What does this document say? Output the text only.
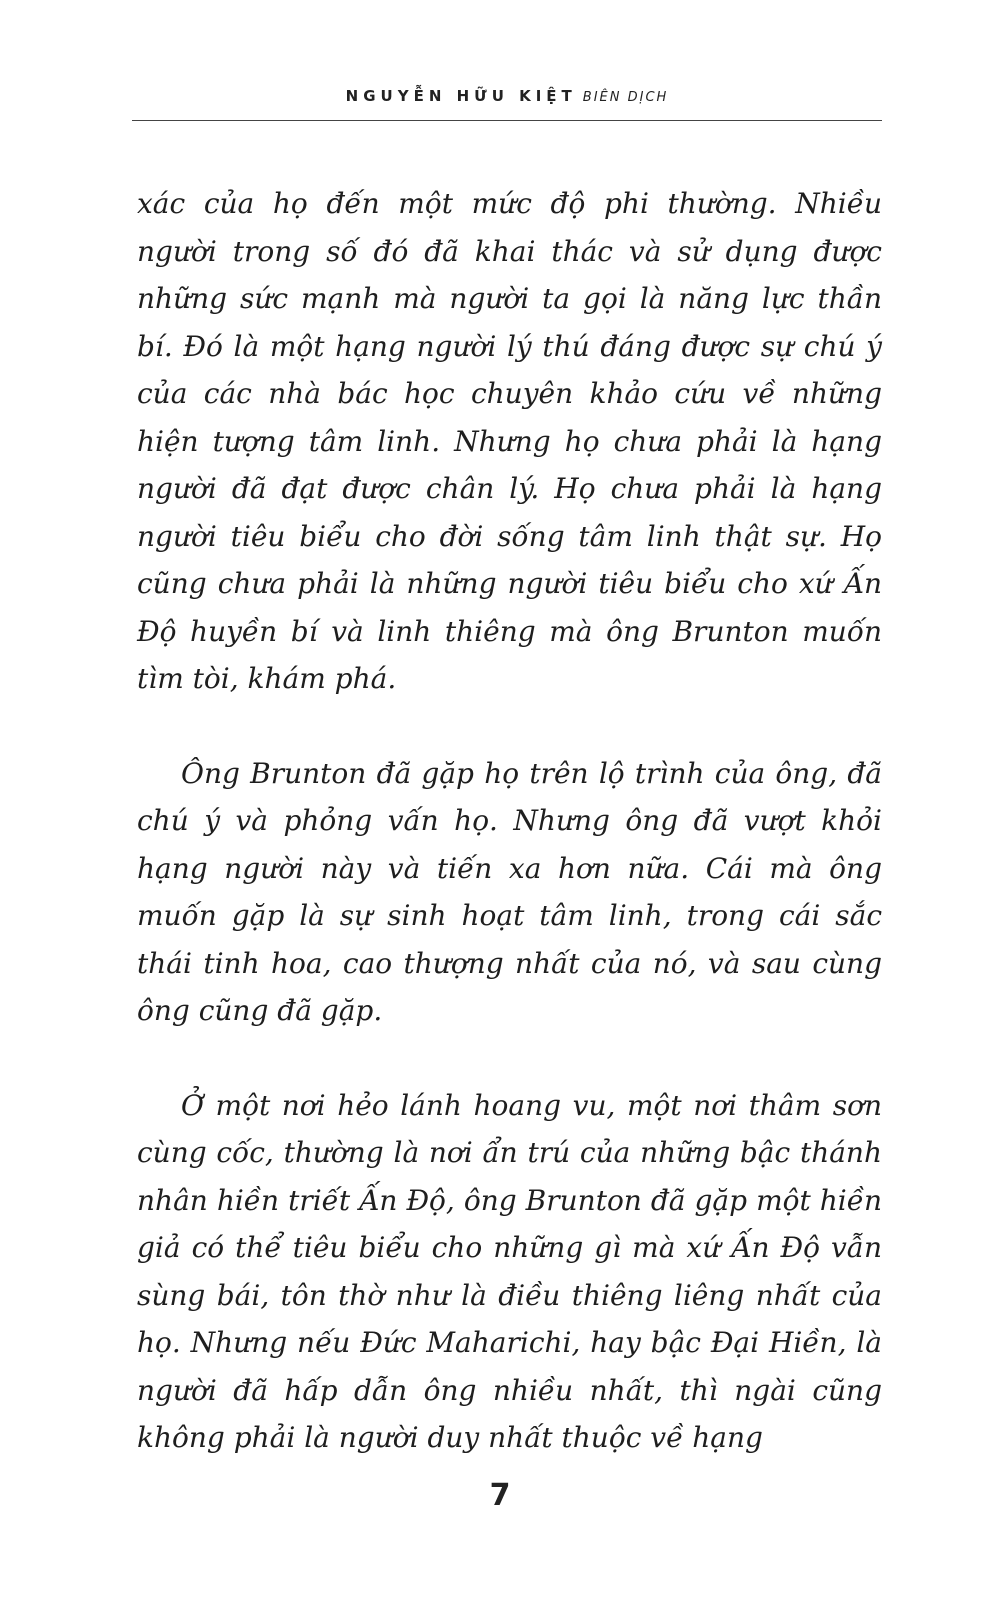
NGUYỄN HỮU KIỆT BIÊN DỊCH

xác của họ đến một mức độ phi thường. Nhiều người trong số đó đã khai thác và sử dụng được những sức mạnh mà người ta gọi là năng lực thần bí. Đó là một hạng người lý thú đáng được sự chú ý của các nhà bác học chuyên khảo cứu về những hiện tượng tâm linh. Nhưng họ chưa phải là hạng người đã đạt được chân lý. Họ chưa phải là hạng người tiêu biểu cho đời sống tâm linh thật sự. Họ cũng chưa phải là những người tiêu biểu cho xứ Ấn Độ huyền bí và linh thiêng mà ông Brunton muốn tìm tòi, khám phá.

Ông Brunton đã gặp họ trên lộ trình của ông, đã chú ý và phỏng vấn họ. Nhưng ông đã vượt khỏi hạng người này và tiến xa hơn nữa. Cái mà ông muốn gặp là sự sinh hoạt tâm linh, trong cái sắc thái tinh hoa, cao thượng nhất của nó, và sau cùng ông cũng đã gặp.

Ở một nơi hẻo lánh hoang vu, một nơi thâm sơn cùng cốc, thường là nơi ẩn trú của những bậc thánh nhân hiền triết Ấn Độ, ông Brunton đã gặp một hiền giả có thể tiêu biểu cho những gì mà xứ Ấn Độ vẫn sùng bái, tôn thờ như là điều thiêng liêng nhất của họ. Nhưng nếu Đức Maharichi, hay bậc Đại Hiền, là người đã hấp dẫn ông nhiều nhất, thì ngài cũng không phải là người duy nhất thuộc về hạng

7
